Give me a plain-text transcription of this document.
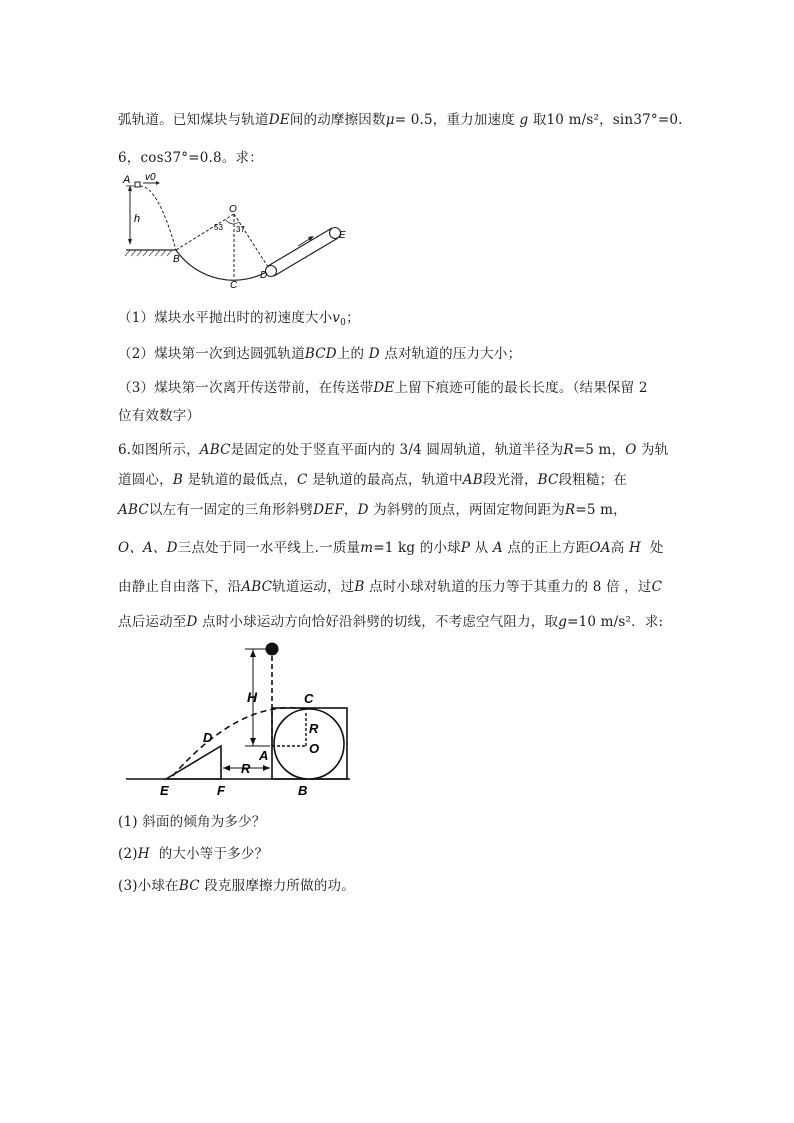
弧轨道。已知煤块与轨道DE间的动摩擦因数μ= 0.5，重力加速度 g 取10 m/s²，sin37°=0.
6，cos37°=0.8。求：
A v0
h
O
53 37
B
C
D
E
（1）煤块水平抛出时的初速度大小$v_0$；
（2）煤块第一次到达圆弧轨道BCD上的 D 点对轨道的压力大小；
（3）煤块第一次离开传送带前，在传送带DE上留下痕迹可能的最长长度。（结果保留 2
位有效数字）
6.如图所示，ABC是固定的处于竖直平面内的 3/4 圆周轨道，轨道半径为R=5 m，O 为轨
道圆心，B 是轨道的最低点，C 是轨道的最高点，轨道中AB段光滑，BC段粗糙；在
ABC以左有一固定的三角形斜劈DEF，D 为斜劈的顶点，两固定物间距为R=5 m，
O、A、D三点处于同一水平线上.一质量m=1 kg 的小球P 从 A 点的正上方距OA高 H 处
由静止自由落下，沿ABC轨道运动，过B 点时小球对轨道的压力等于其重力的 8 倍 ，过C
点后运动至D 点时小球运动方向恰好沿斜劈的切线，不考虑空气阻力，取g=10 m/s²．求:
H	C
R
D
O
A
R
E	F	B
(1) 斜面的倾角为多少？
(2)H 的大小等于多少？
(3)小球在BC 段克服摩擦力所做的功。
